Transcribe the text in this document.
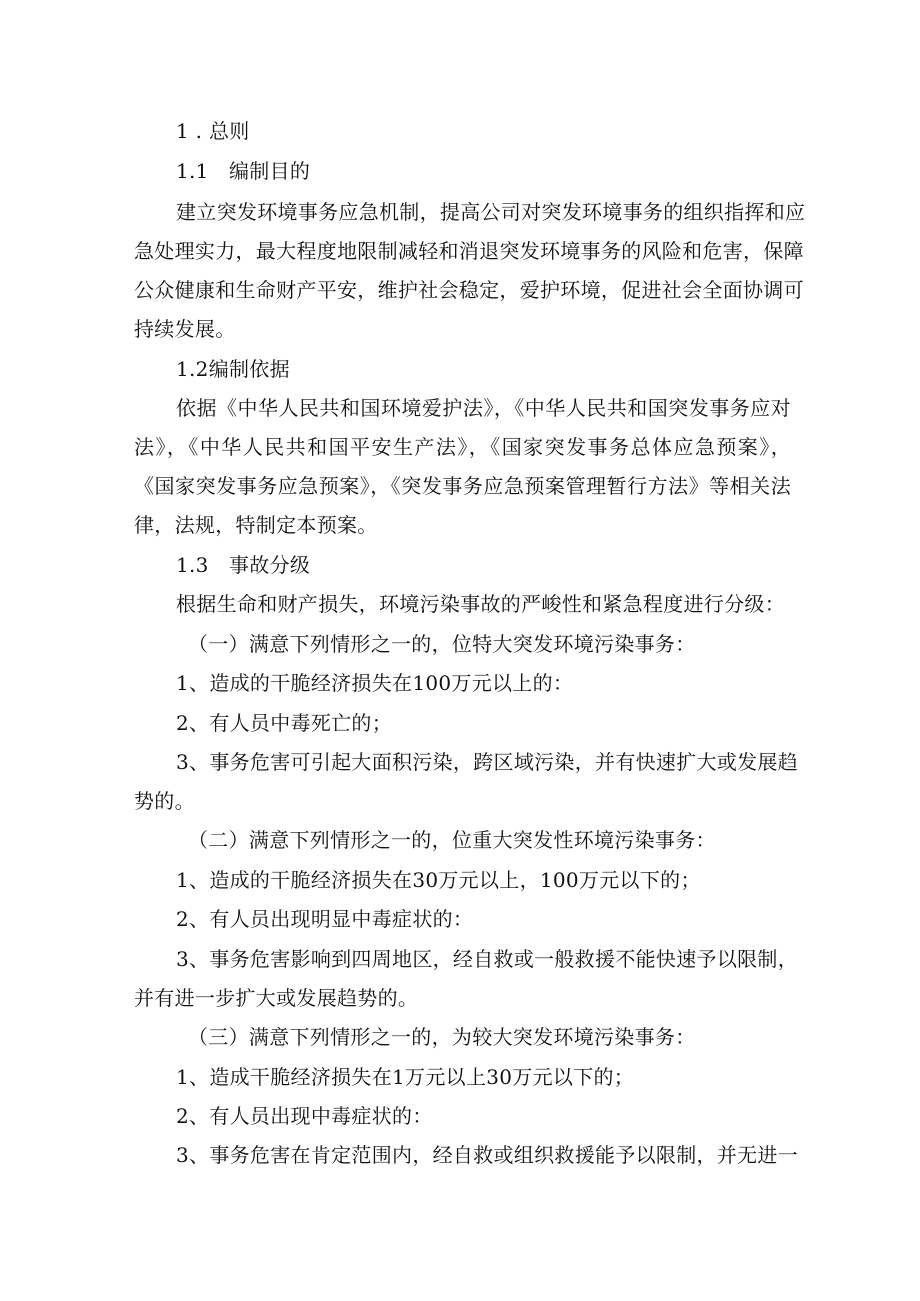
1 . 总则
1.1　编制目的
建立突发环境事务应急机制，提高公司对突发环境事务的组织指挥和应
急处理实力，最大程度地限制减轻和消退突发环境事务的风险和危害，保障
公众健康和生命财产平安，维护社会稳定，爱护环境，促进社会全面协调可
持续发展。
1.2编制依据
依据《中华人民共和国环境爱护法》，《中华人民共和国突发事务应对
法》，《中华人民共和国平安生产法》，《国家突发事务总体应急预案》，
《国家突发事务应急预案》，《突发事务应急预案管理暂行方法》等相关法
律，法规，特制定本预案。
1.3　事故分级
根据生命和财产损失，环境污染事故的严峻性和紧急程度进行分级：
（一）满意下列情形之一的，位特大突发环境污染事务：
1、造成的干脆经济损失在100万元以上的：
2、有人员中毒死亡的；
3、事务危害可引起大面积污染，跨区域污染，并有快速扩大或发展趋
势的。
（二）满意下列情形之一的，位重大突发性环境污染事务：
1、造成的干脆经济损失在30万元以上，100万元以下的；
2、有人员出现明显中毒症状的：
3、事务危害影响到四周地区，经自救或一般救援不能快速予以限制，
并有进一步扩大或发展趋势的。
（三）满意下列情形之一的，为较大突发环境污染事务：
1、造成干脆经济损失在1万元以上30万元以下的；
2、有人员出现中毒症状的：
3、事务危害在肯定范围内，经自救或组织救援能予以限制，并无进一
